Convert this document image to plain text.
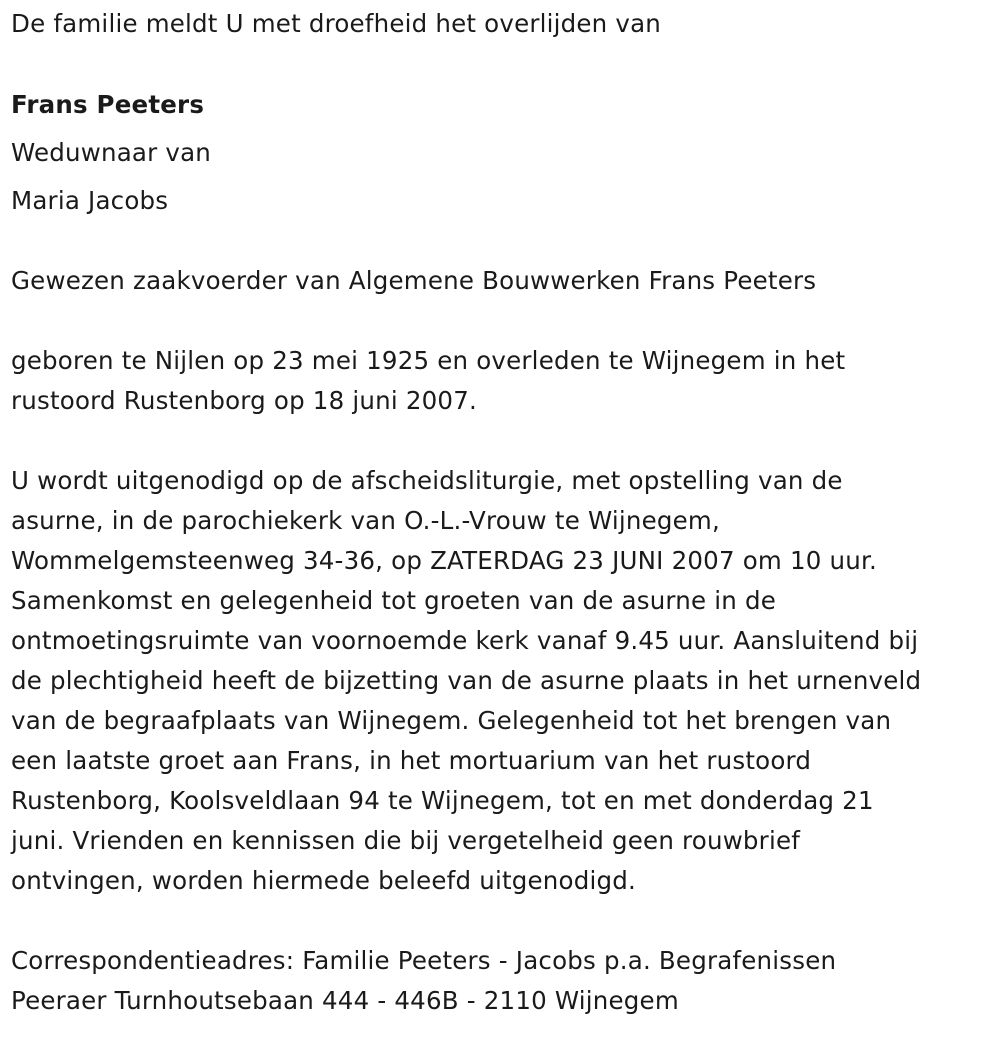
De familie meldt U met droefheid het overlijden van
Frans Peeters
Weduwnaar van
Maria Jacobs
Gewezen zaakvoerder van Algemene Bouwwerken Frans Peeters
geboren te Nijlen op 23 mei 1925 en overleden te Wijnegem in het
rustoord Rustenborg op 18 juni 2007.
U wordt uitgenodigd op de afscheidsliturgie, met opstelling van de
asurne, in de parochiekerk van O.-L.-Vrouw te Wijnegem,
Wommelgemsteenweg 34-36, op ZATERDAG 23 JUNI 2007 om 10 uur.
Samenkomst en gelegenheid tot groeten van de asurne in de
ontmoetingsruimte van voornoemde kerk vanaf 9.45 uur. Aansluitend bij
de plechtigheid heeft de bijzetting van de asurne plaats in het urnenveld
van de begraafplaats van Wijnegem. Gelegenheid tot het brengen van
een laatste groet aan Frans, in het mortuarium van het rustoord
Rustenborg, Koolsveldlaan 94 te Wijnegem, tot en met donderdag 21
juni. Vrienden en kennissen die bij vergetelheid geen rouwbrief
ontvingen, worden hiermede beleefd uitgenodigd.
Correspondentieadres: Familie Peeters - Jacobs p.a. Begrafenissen
Peeraer Turnhoutsebaan 444 - 446B - 2110 Wijnegem
